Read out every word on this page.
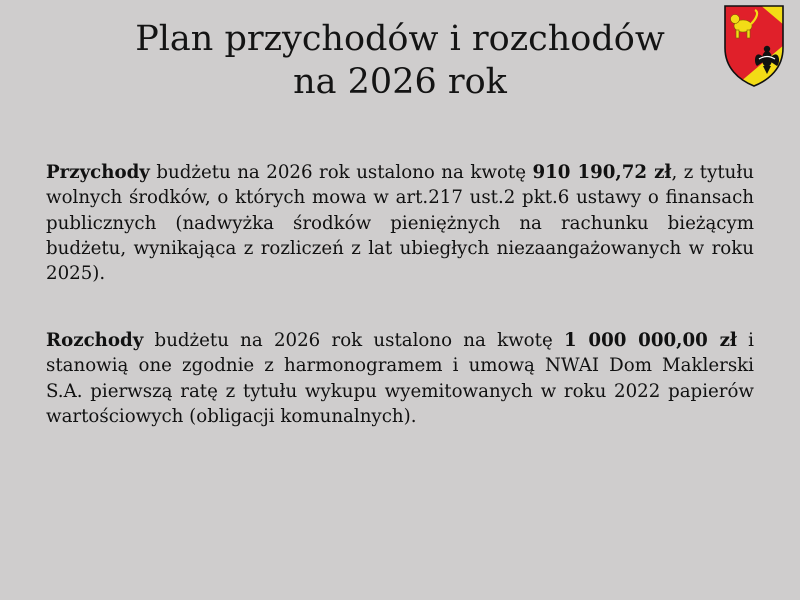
Plan przychodów i rozchodów
na 2026 rok

Przychody budżetu na 2026 rok ustalono na kwotę 910 190,72 zł, z tytułu wolnych środków, o których mowa w art.217 ust.2 pkt.6 ustawy o finansach publicznych (nadwyżka środków pieniężnych na rachunku bieżącym budżetu, wynikająca z rozliczeń z lat ubiegłych niezaangażowanych w roku 2025).

Rozchody budżetu na 2026 rok ustalono na kwotę 1 000 000,00 zł i stanowią one zgodnie z harmonogramem i umową NWAI Dom Maklerski S.A. pierwszą ratę z tytułu wykupu wyemitowanych w roku 2022 papierów wartościowych (obligacji komunalnych).
